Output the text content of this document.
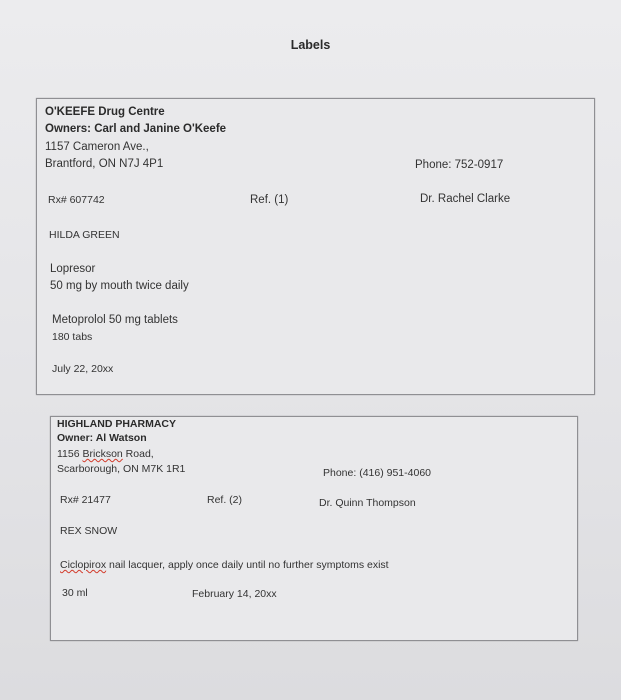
Labels
O'KEEFE Drug Centre
Owners: Carl and Janine O'Keefe
1157 Cameron Ave.,
Brantford, ON N7J 4P1	Phone: 752-0917
Rx# 607742	Ref. (1)	Dr. Rachel Clarke
HILDA GREEN
Lopresor
50 mg by mouth twice daily
Metoprolol 50 mg tablets
180 tabs
July 22, 20xx
HIGHLAND PHARMACY
Owner: Al Watson
1156 Brickson Road,
Scarborough, ON M7K 1R1	Phone: (416) 951-4060
Rx# 21477	Ref. (2)	Dr. Quinn Thompson
REX SNOW
Ciclopirox nail lacquer, apply once daily until no further symptoms exist
30 ml	February 14, 20xx
